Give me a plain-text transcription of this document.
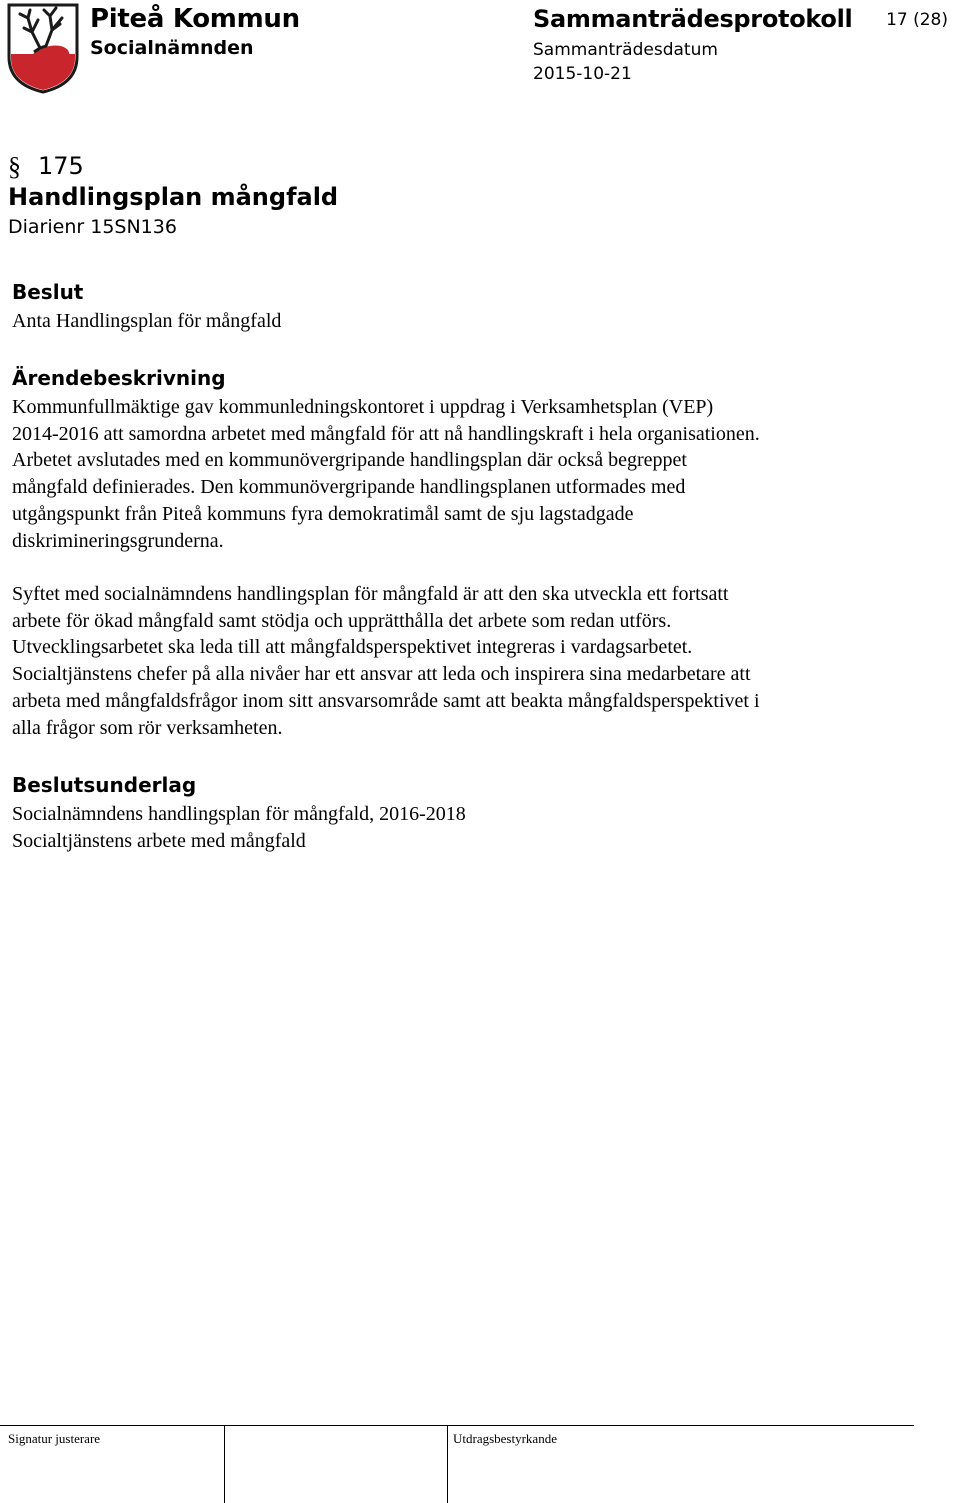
Piteå Kommun
Socialnämnden
Sammanträdesprotokoll
Sammanträdesdatum
2015-10-21
17 (28)
§ 175
Handlingsplan mångfald
Diarienr 15SN136
Beslut
Anta Handlingsplan för mångfald
Ärendebeskrivning
Kommunfullmäktige gav kommunledningskontoret i uppdrag i Verksamhetsplan (VEP)
2014-2016 att samordna arbetet med mångfald för att nå handlingskraft i hela organisationen.
Arbetet avslutades med en kommunövergripande handlingsplan där också begreppet
mångfald definierades. Den kommunövergripande handlingsplanen utformades med
utgångspunkt från Piteå kommuns fyra demokratimål samt de sju lagstadgade
diskrimineringsgrunderna.
Syftet med socialnämndens handlingsplan för mångfald är att den ska utveckla ett fortsatt
arbete för ökad mångfald samt stödja och upprätthålla det arbete som redan utförs.
Utvecklingsarbetet ska leda till att mångfaldsperspektivet integreras i vardagsarbetet.
Socialtjänstens chefer på alla nivåer har ett ansvar att leda och inspirera sina medarbetare att
arbeta med mångfaldsfrågor inom sitt ansvarsområde samt att beakta mångfaldsperspektivet i
alla frågor som rör verksamheten.
Beslutsunderlag
Socialnämndens handlingsplan för mångfald, 2016-2018
Socialtjänstens arbete med mångfald
Signatur justerare	Utdragsbestyrkande
